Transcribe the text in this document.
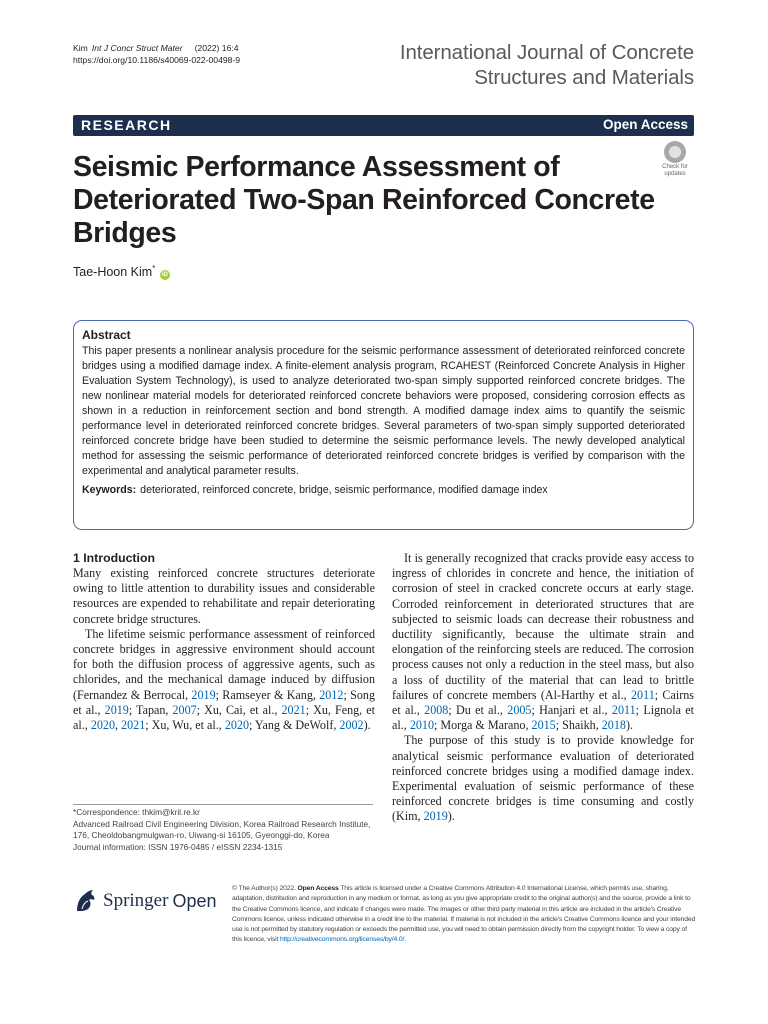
Kim Int J Concr Struct Mater (2022) 16:4
https://doi.org/10.1186/s40069-022-00498-9	International Journal of Concrete
Structures and Materials
RESEARCH	Open Access
Seismic Performance Assessment of Deteriorated Two-Span Reinforced Concrete Bridges
Check for
updates
Tae-Hoon Kim* iD
Abstract

This paper presents a nonlinear analysis procedure for the seismic performance assessment of deteriorated reinforced concrete bridges using a modified damage index. A finite-element analysis program, RCAHEST (Reinforced Concrete Analysis in Higher Evaluation System Technology), is used to analyze deteriorated two-span simply supported reinforced concrete bridges. The new nonlinear material models for deteriorated reinforced concrete behaviors were proposed, considering corrosion effects as shown in a reduction in reinforcement section and bond strength. A modified damage index aims to quantify the seismic performance level in deteriorated reinforced concrete bridges. Several parameters of two-span simply supported deteriorated reinforced concrete bridge have been studied to determine the seismic performance levels. The newly developed analytical method for assessing the seismic performance of deteriorated reinforced concrete bridges is verified by comparison with the experimental and analytical parameter results.

Keywords: deteriorated, reinforced concrete, bridge, seismic performance, modified damage index
1 Introduction

Many existing reinforced concrete structures deteriorate owing to little attention to durability issues and considerable resources are expended to rehabilitate and repair deteriorating concrete bridge structures.

The lifetime seismic performance assessment of reinforced concrete bridges in aggressive environment should account for both the diffusion process of aggressive agents, such as chlorides, and the mechanical damage induced by diffusion (Fernandez & Berrocal, 2019; Ramseyer & Kang, 2012; Song et al., 2019; Tapan, 2007; Xu, Cai, et al., 2021; Xu, Feng, et al., 2020, 2021; Xu, Wu, et al., 2020; Yang & DeWolf, 2002).

It is generally recognized that cracks provide easy access to ingress of chlorides in concrete and hence, the initiation of corrosion of steel in cracked concrete occurs at early stage. Corroded reinforcement in deteriorated structures that are subjected to seismic loads can decrease their robustness and ductility significantly, because the ultimate strain and elongation of the reinforcing steels are reduced. The corrosion process causes not only a reduction in the steel mass, but also a loss of ductility of the material that can lead to brittle failures of concrete members (Al-Harthy et al., 2011; Cairns et al., 2008; Du et al., 2005; Hanjari et al., 2011; Lignola et al., 2010; Morga & Marano, 2015; Shaikh, 2018).

The purpose of this study is to provide knowledge for analytical seismic performance evaluation of deteriorated reinforced concrete bridges using a modified damage index. Experimental evaluation of seismic performance of these reinforced concrete bridges is time consuming and costly (Kim, 2019).

*Correspondence: thkim@kril.re.kr
Advanced Railroad Civil Engineering Division, Korea Railroad Research Institute, 176, Cheoldobangmulgwan-ro, Uiwang-si 16105, Gyeonggi-do, Korea
Journal information: ISSN 1976-0485 / eISSN 2234-1315
Springer Open
© The Author(s) 2022. Open Access This article is licensed under a Creative Commons Attribution 4.0 International License, which permits use, sharing, adaptation, distribution and reproduction in any medium or format, as long as you give appropriate credit to the original author(s) and the source, provide a link to the Creative Commons licence, and indicate if changes were made. The images or other third party material in this article are included in the article's Creative Commons licence, unless indicated otherwise in a credit line to the material. If material is not included in the article's Creative Commons licence and your intended use is not permitted by statutory regulation or exceeds the permitted use, you will need to obtain permission directly from the copyright holder. To view a copy of this licence, visit http://creativecommons.org/licenses/by/4.0/.
